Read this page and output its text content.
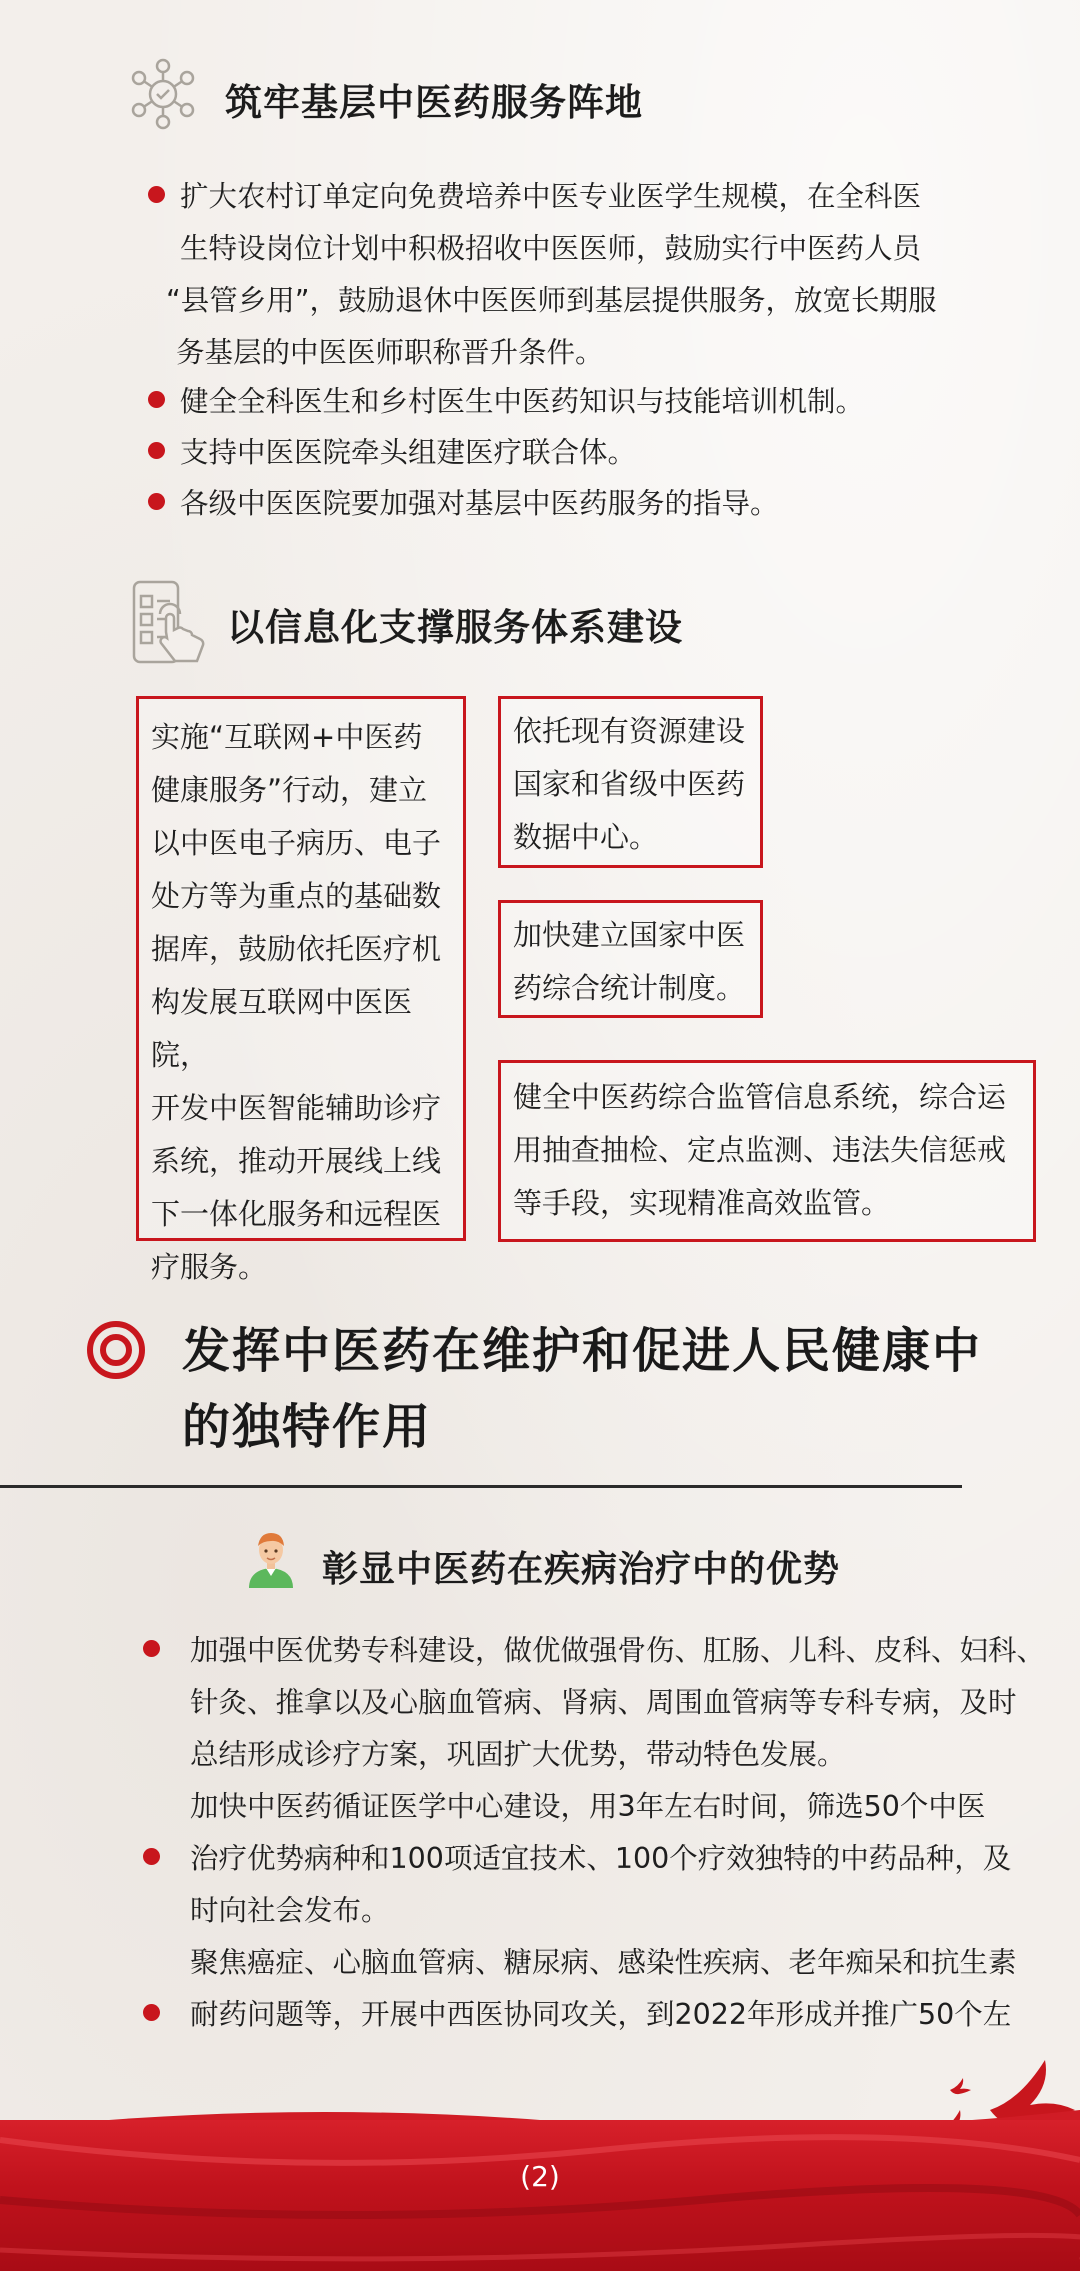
筑牢基层中医药服务阵地
扩大农村订单定向免费培养中医专业医学生规模，在全科医
生特设岗位计划中积极招收中医医师，鼓励实行中医药人员
“县管乡用”，鼓励退休中医医师到基层提供服务，放宽长期服
务基层的中医医师职称晋升条件。
健全全科医生和乡村医生中医药知识与技能培训机制。
支持中医医院牵头组建医疗联合体。
各级中医医院要加强对基层中医药服务的指导。
以信息化支撑服务体系建设
实施“互联网+中医药
健康服务”行动，建立
以中医电子病历、电子
处方等为重点的基础数
据库，鼓励依托医疗机
构发展互联网中医医院，
开发中医智能辅助诊疗
系统，推动开展线上线
下一体化服务和远程医
疗服务。
依托现有资源建设
国家和省级中医药
数据中心。
加快建立国家中医
药综合统计制度。
健全中医药综合监管信息系统，综合运
用抽查抽检、定点监测、违法失信惩戒
等手段，实现精准高效监管。
发挥中医药在维护和促进人民健康中
的独特作用
彰显中医药在疾病治疗中的优势
加强中医优势专科建设，做优做强骨伤、肛肠、儿科、皮科、妇科、
针灸、推拿以及心脑血管病、肾病、周围血管病等专科专病，及时
总结形成诊疗方案，巩固扩大优势，带动特色发展。
加快中医药循证医学中心建设，用3年左右时间，筛选50个中医
治疗优势病种和100项适宜技术、100个疗效独特的中药品种，及
时向社会发布。
聚焦癌症、心脑血管病、糖尿病、感染性疾病、老年痴呆和抗生素
耐药问题等，开展中西医协同攻关，到2022年形成并推广50个左
(2)
